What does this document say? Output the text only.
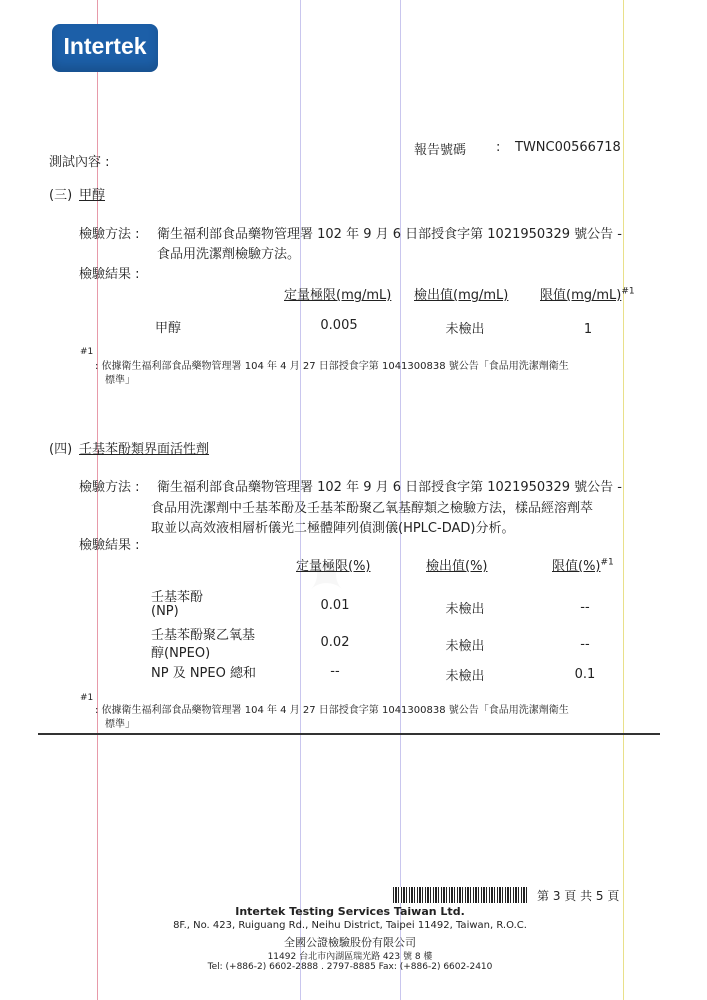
Intertek
報告號碼 : TWNC00566718
測試內容 :
(三) 甲醇
檢驗方法 : 衛生福利部食品藥物管理署 102 年 9 月 6 日部授食字第 1021950329 號公告 -
食品用洗潔劑檢驗方法。
檢驗結果 :
定量極限(mg/mL) 檢出值(mg/mL) 限值$(mg/mL)^{\#1}$
甲醇	0.005	未檢出	1
#1
: 依據衛生福利部食品藥物管理署 104 年 4 月 27 日部授食字第 1041300838 號公告「食品用洗潔劑衛生
標準」
(四) 壬基苯酚類界面活性劑
檢驗方法 : 衛生福利部食品藥物管理署 102 年 9 月 6 日部授食字第 1021950329 號公告 -
食品用洗潔劑中壬基苯酚及壬基苯酚聚乙氧基醇類之檢驗方法，樣品經溶劑萃
取並以高效液相層析儀光二極體陣列偵測儀(HPLC-DAD)分析。
檢驗結果 :
定量極限(%)	檢出值(%)	限值(%)$^{\#1}$
壬基苯酚
(NP)	0.01	未檢出	--
壬基苯酚聚乙氧基
醇(NPEO)
0.02	未檢出	--
NP 及 NPEO 總和	--	未檢出	0.1
#1
: 依據衛生福利部食品藥物管理署 104 年 4 月 27 日部授食字第 1041300838 號公告「食品用洗潔劑衛生
標準」
第 3 頁 共 5 頁
Intertek Testing Services Taiwan Ltd.
8F., No. 423, Ruiguang Rd., Neihu District, Taipei 11492, Taiwan, R.O.C.
全國公證檢驗股份有限公司
11492 台北市內湖區瑞光路 423 號 8 樓
Tel: (+886-2) 6602-2888 . 2797-8885 Fax: (+886-2) 6602-2410
